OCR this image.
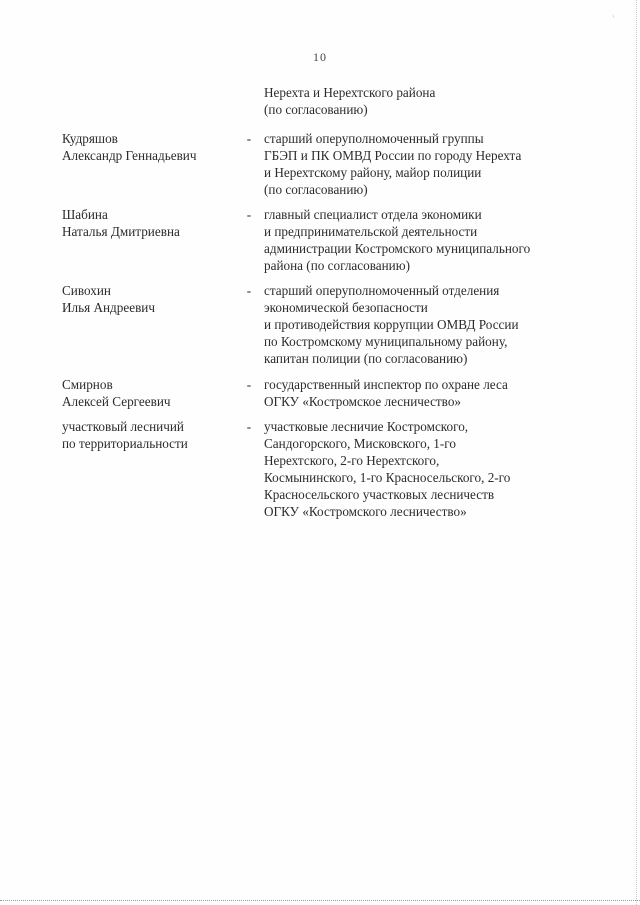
'
10
Нерехта и Нерехтского района
(по согласованию)
Кудряшов
Александр Геннадьевич
- старший оперуполномоченный группы
ГБЭП и ПК ОМВД России по городу Нерехта
и Нерехтскому району, майор полиции
(по согласованию)
Шабина
Наталья Дмитриевна
- главный специалист отдела экономики
и предпринимательской деятельности
администрации Костромского муниципального
района (по согласованию)
Сивохин
Илья Андреевич
- старший оперуполномоченный отделения
экономической безопасности
и противодействия коррупции ОМВД России
по Костромскому муниципальному району,
капитан полиции (по согласованию)
Смирнов
Алексей Сергеевич
- государственный инспектор по охране леса
ОГКУ «Костромское лесничество»
участковый лесничий
по территориальности
- участковые лесничие Костромского,
Сандогорского, Мисковского, 1-го
Нерехтского, 2-го Нерехтского,
Космынинского, 1-го Красносельского, 2-го
Красносельского участковых лесничеств
ОГКУ «Костромского лесничество»
